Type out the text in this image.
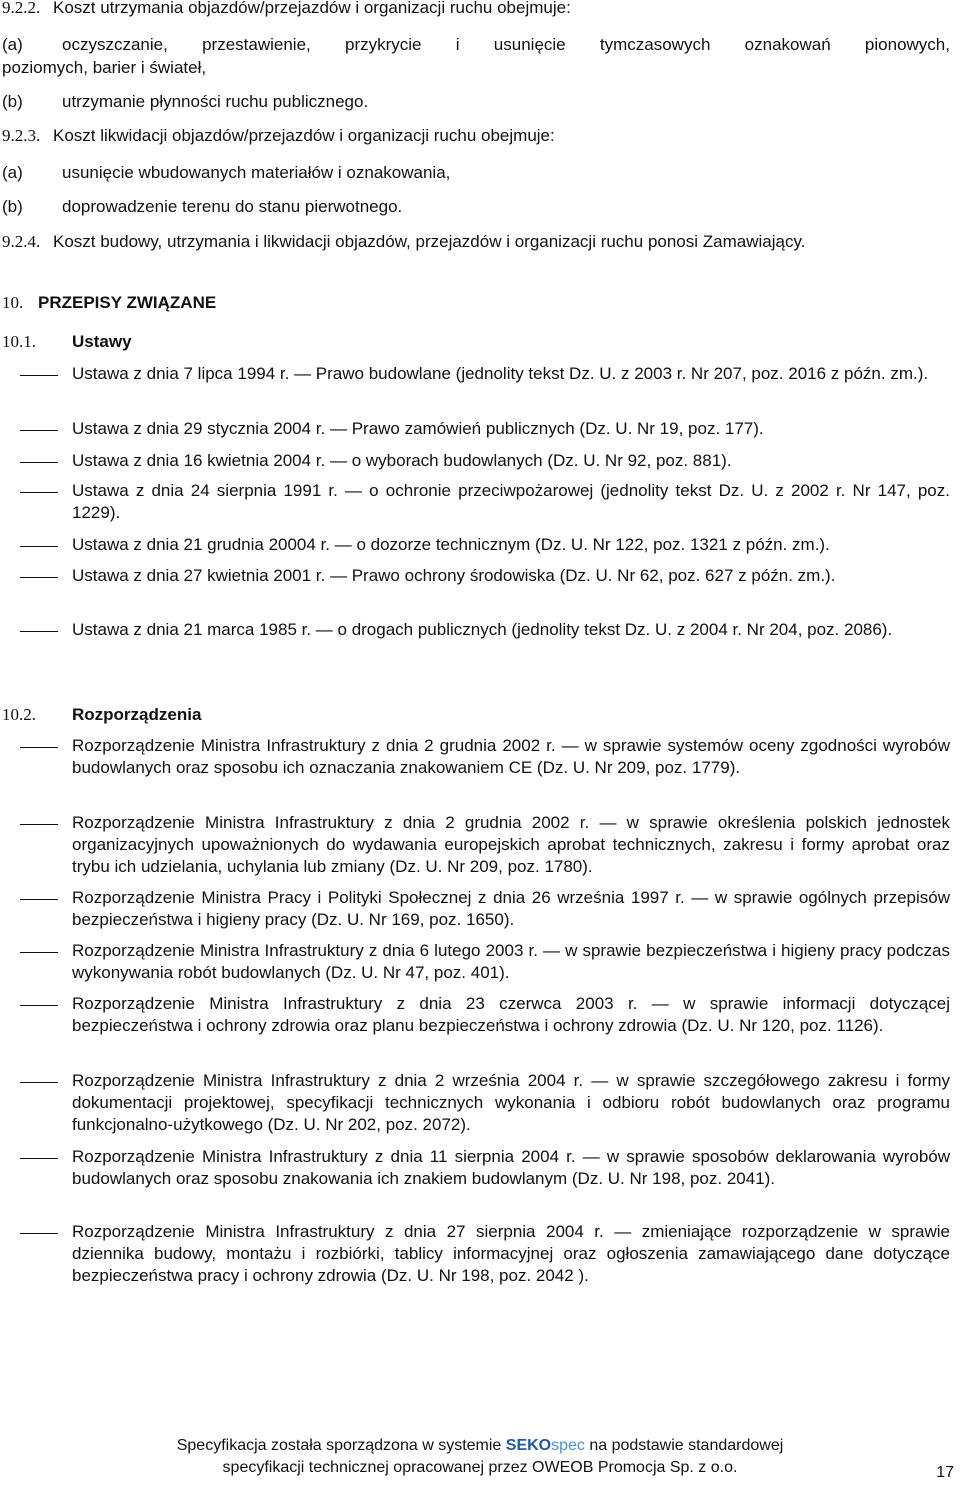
9.2.2. Koszt utrzymania objazdów/przejazdów i organizacji ruchu obejmuje:
(a) oczyszczanie, przestawienie, przykrycie i usunięcie tymczasowych oznakowań pionowych,
poziomych, barier i świateł,
(b) utrzymanie płynności ruchu publicznego.
9.2.3. Koszt likwidacji objazdów/przejazdów i organizacji ruchu obejmuje:
(a) usunięcie wbudowanych materiałów i oznakowania,
(b) doprowadzenie terenu do stanu pierwotnego.
9.2.4. Koszt budowy, utrzymania i likwidacji objazdów, przejazdów i organizacji ruchu ponosi Zamawiający.
10. PRZEPISY ZWIĄZANE
10.1. Ustawy
Ustawa z dnia 7 lipca 1994 r. — Prawo budowlane (jednolity tekst Dz. U. z 2003 r. Nr 207, poz. 2016 z późn. zm.).
Ustawa z dnia 29 stycznia 2004 r. — Prawo zamówień publicznych (Dz. U. Nr 19, poz. 177).
Ustawa z dnia 16 kwietnia 2004 r. — o wyborach budowlanych (Dz. U. Nr 92, poz. 881).
Ustawa z dnia 24 sierpnia 1991 r. — o ochronie przeciwpożarowej (jednolity tekst Dz. U. z 2002 r. Nr 147, poz. 1229).
Ustawa z dnia 21 grudnia 20004 r. — o dozorze technicznym (Dz. U. Nr 122, poz. 1321 z późn. zm.).
Ustawa z dnia 27 kwietnia 2001 r. — Prawo ochrony środowiska (Dz. U. Nr 62, poz. 627 z późn. zm.).
Ustawa z dnia 21 marca 1985 r. — o drogach publicznych (jednolity tekst Dz. U. z 2004 r. Nr 204, poz. 2086).
10.2. Rozporządzenia
Rozporządzenie Ministra Infrastruktury z dnia 2 grudnia 2002 r. — w sprawie systemów oceny zgodności wyrobów budowlanych oraz sposobu ich oznaczania znakowaniem CE (Dz. U. Nr 209, poz. 1779).
Rozporządzenie Ministra Infrastruktury z dnia 2 grudnia 2002 r. — w sprawie określenia polskich jednostek organizacyjnych upoważnionych do wydawania europejskich aprobat technicznych, zakresu i formy aprobat oraz trybu ich udzielania, uchylania lub zmiany (Dz. U. Nr 209, poz. 1780).
Rozporządzenie Ministra Pracy i Polityki Społecznej z dnia 26 września 1997 r. — w sprawie ogólnych przepisów bezpieczeństwa i higieny pracy (Dz. U. Nr 169, poz. 1650).
Rozporządzenie Ministra Infrastruktury z dnia 6 lutego 2003 r. — w sprawie bezpieczeństwa i higieny pracy podczas wykonywania robót budowlanych (Dz. U. Nr 47, poz. 401).
Rozporządzenie Ministra Infrastruktury z dnia 23 czerwca 2003 r. — w sprawie informacji dotyczącej bezpieczeństwa i ochrony zdrowia oraz planu bezpieczeństwa i ochrony zdrowia (Dz. U. Nr 120, poz. 1126).
Rozporządzenie Ministra Infrastruktury z dnia 2 września 2004 r. — w sprawie szczegółowego zakresu i formy dokumentacji projektowej, specyfikacji technicznych wykonania i odbioru robót budowlanych oraz programu funkcjonalno-użytkowego (Dz. U. Nr 202, poz. 2072).
Rozporządzenie Ministra Infrastruktury z dnia 11 sierpnia 2004 r. — w sprawie sposobów deklarowania wyrobów budowlanych oraz sposobu znakowania ich znakiem budowlanym (Dz. U. Nr 198, poz. 2041).
Rozporządzenie Ministra Infrastruktury z dnia 27 sierpnia 2004 r. — zmieniające rozporządzenie w sprawie dziennika budowy, montażu i rozbiórki, tablicy informacyjnej oraz ogłoszenia zamawiającego dane dotyczące bezpieczeństwa pracy i ochrony zdrowia (Dz. U. Nr 198, poz. 2042 ).
Specyfikacja została sporządzona w systemie SEKOspec na podstawie standardowej
specyfikacji technicznej opracowanej przez OWEOB Promocja Sp. z o.o.	17
